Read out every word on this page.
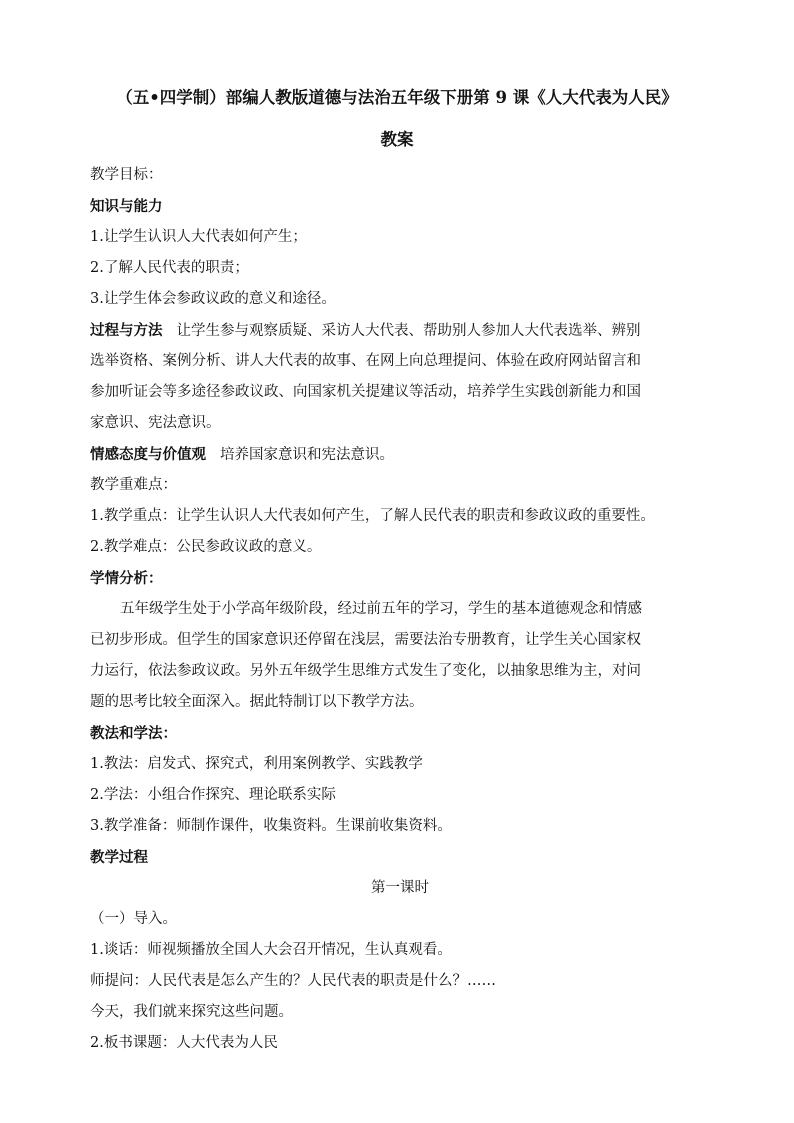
（五•四学制）部编人教版道德与法治五年级下册第 9 课《人大代表为人民》
教案
教学目标：
知识与能力
1.让学生认识人大代表如何产生；
2.了解人民代表的职责；
3.让学生体会参政议政的意义和途径。
过程与方法 让学生参与观察质疑、采访人大代表、帮助别人参加人大代表选举、辨别
选举资格、案例分析、讲人大代表的故事、在网上向总理提问、体验在政府网站留言和
参加听证会等多途径参政议政、向国家机关提建议等活动，培养学生实践创新能力和国
家意识、宪法意识。
情感态度与价值观 培养国家意识和宪法意识。
教学重难点：
1.教学重点：让学生认识人大代表如何产生，了解人民代表的职责和参政议政的重要性。
2.教学难点：公民参政议政的意义。
学情分析：
五年级学生处于小学高年级阶段，经过前五年的学习，学生的基本道德观念和情感
已初步形成。但学生的国家意识还停留在浅层，需要法治专册教育，让学生关心国家权
力运行，依法参政议政。另外五年级学生思维方式发生了变化，以抽象思维为主，对问
题的思考比较全面深入。据此特制订以下教学方法。
教法和学法：
1.教法：启发式、探究式，利用案例教学、实践教学
2.学法：小组合作探究、理论联系实际
3.教学准备：师制作课件，收集资料。生课前收集资料。
教学过程
第一课时
（一）导入。
1.谈话：师视频播放全国人大会召开情况，生认真观看。
师提问：人民代表是怎么产生的？人民代表的职责是什么？……
今天，我们就来探究这些问题。
2.板书课题：人大代表为人民
